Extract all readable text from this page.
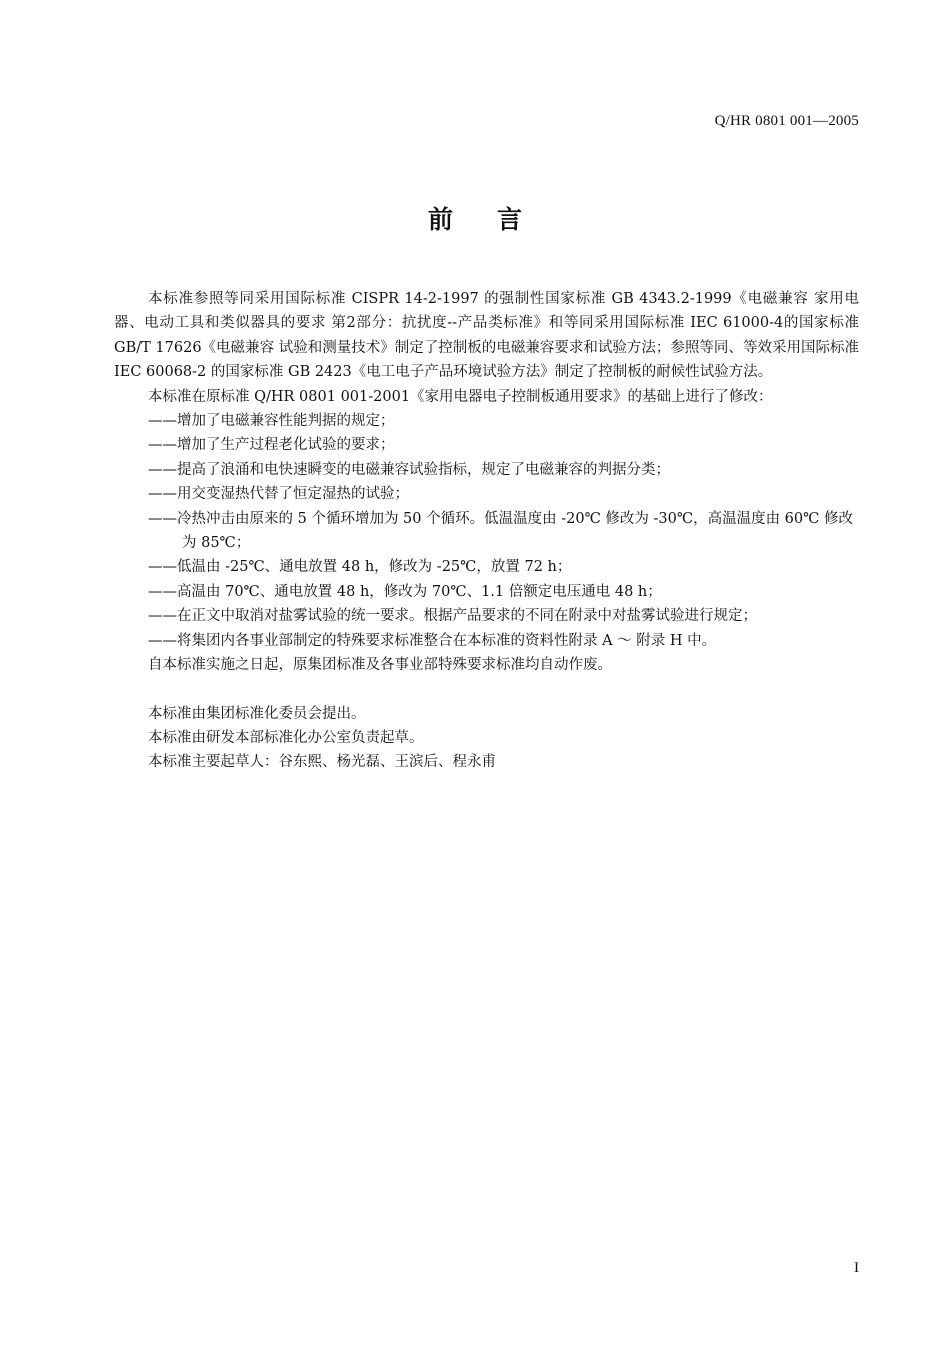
Q/HR 0801 001—2005
前言

本标准参照等同采用国际标准 CISPR 14-2-1997 的强制性国家标准 GB 4343.2-1999《电磁兼容 家用电器、电动工具和类似器具的要求 第2部分：抗扰度--产品类标准》和等同采用国际标准 IEC 61000-4的国家标准 GB/T 17626《电磁兼容 试验和测量技术》制定了控制板的电磁兼容要求和试验方法；参照等同、等效采用国际标准 IEC 60068-2 的国家标准 GB 2423《电工电子产品环境试验方法》制定了控制板的耐候性试验方法。

本标准在原标准 Q/HR 0801 001-2001《家用电器电子控制板通用要求》的基础上进行了修改：

——增加了电磁兼容性能判据的规定；

——增加了生产过程老化试验的要求；

——提高了浪涌和电快速瞬变的电磁兼容试验指标，规定了电磁兼容的判据分类；

——用交变湿热代替了恒定湿热的试验；

——冷热冲击由原来的 5 个循环增加为 50 个循环。低温温度由 -20℃ 修改为 -30℃，高温温度由 60℃ 修改为 85℃；

——低温由 -25℃、通电放置 48 h，修改为 -25℃，放置 72 h；

——高温由 70℃、通电放置 48 h，修改为 70℃、1.1 倍额定电压通电 48 h；

——在正文中取消对盐雾试验的统一要求。根据产品要求的不同在附录中对盐雾试验进行规定；

——将集团内各事业部制定的特殊要求标准整合在本标准的资料性附录 A ～ 附录 H 中。

自本标准实施之日起，原集团标准及各事业部特殊要求标准均自动作废。

本标准由集团标准化委员会提出。

本标准由研发本部标准化办公室负责起草。

本标准主要起草人：谷东熙、杨光磊、王滨后、程永甫

I
